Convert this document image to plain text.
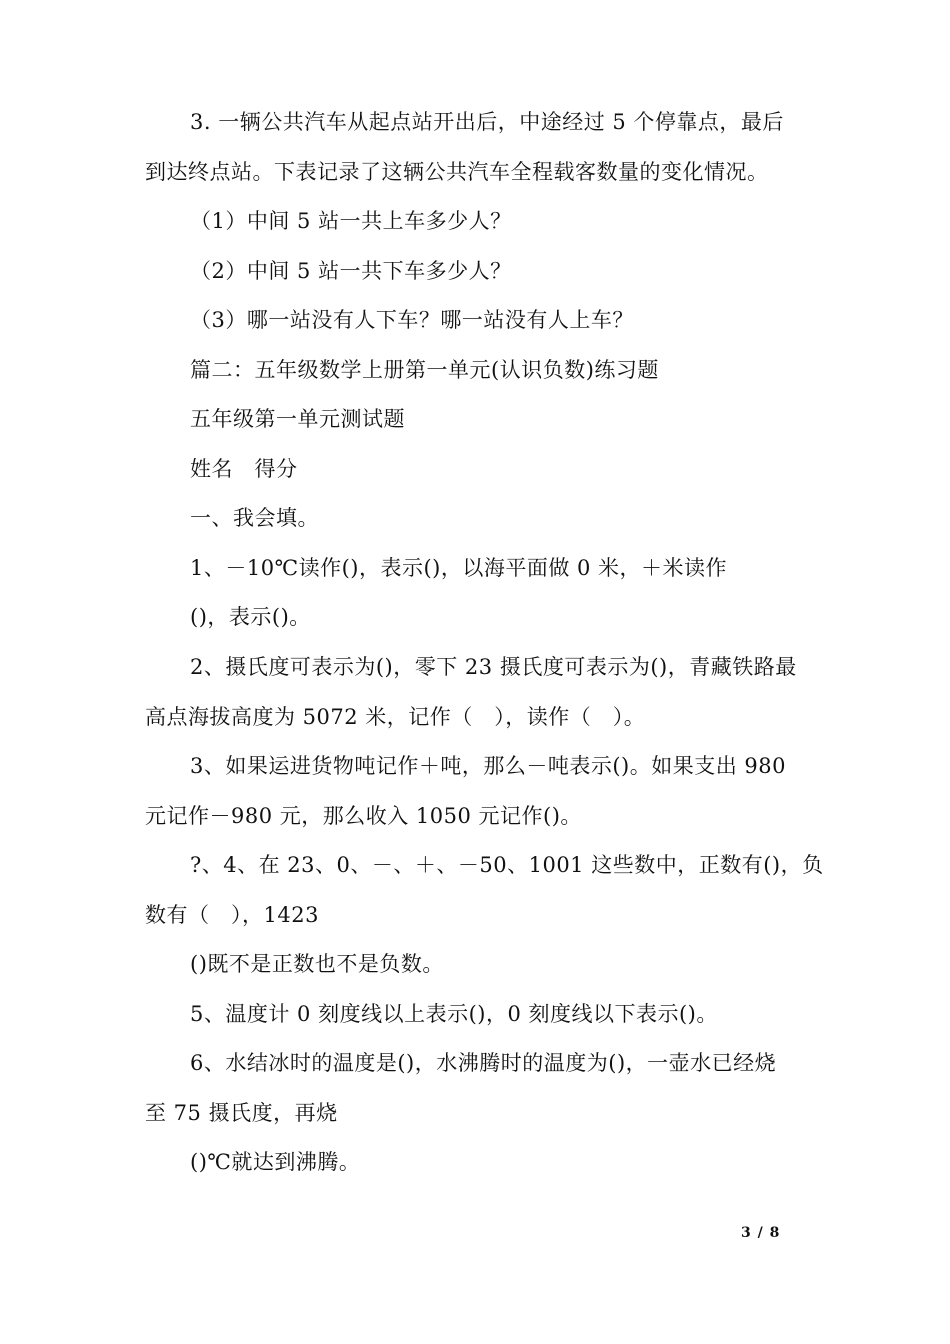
3. 一辆公共汽车从起点站开出后，中途经过 5 个停靠点，最后
到达终点站。下表记录了这辆公共汽车全程载客数量的变化情况。
（1）中间 5 站一共上车多少人？
（2）中间 5 站一共下车多少人？
（3）哪一站没有人下车？哪一站没有人上车？
篇二：五年级数学上册第一单元(认识负数)练习题
五年级第一单元测试题
姓名　得分
一、我会填。
1、－10℃读作()，表示()，以海平面做 0 米，＋米读作
()，表示()。
2、摄氏度可表示为()，零下 23 摄氏度可表示为()，青藏铁路最
高点海拔高度为 5072 米，记作（　），读作（　）。
3、如果运进货物吨记作＋吨，那么－吨表示()。如果支出 980
元记作－980 元，那么收入 1050 元记作()。
?、4、在 23、0、－、＋、－50、1001 这些数中，正数有()，负
数有（　），1423
()既不是正数也不是负数。
5、温度计 0 刻度线以上表示()，0 刻度线以下表示()。
6、水结冰时的温度是()，水沸腾时的温度为()，一壶水已经烧
至 75 摄氏度，再烧
()℃就达到沸腾。
3 / 8
